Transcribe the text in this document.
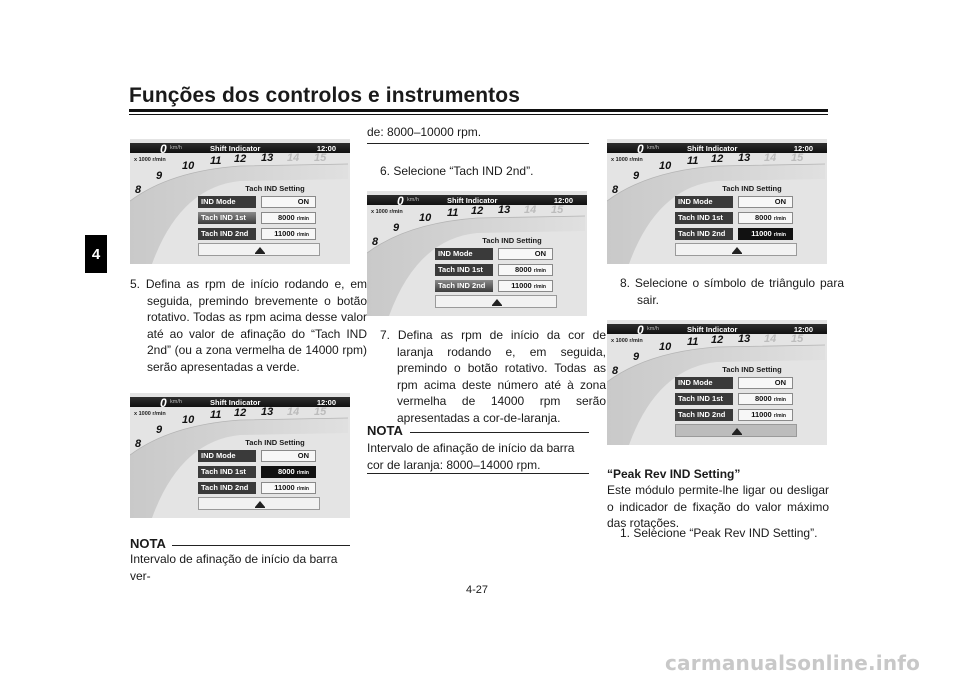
Funções dos controlos e instrumentos
4
0 km/h	Shift Indicator	12:00
x 1000 r/min
8
9
10 11 12 13 14 15
Tach IND Setting
IND Mode	ON
Tach IND 1st	8000 r/min
Tach IND 2nd	11000 r/min
0 km/h	Shift Indicator	12:00
x 1000 r/min
8
9
10 11 12 13 14 15
Tach IND Setting
IND Mode	ON
Tach IND 1st	8000 r/min
Tach IND 2nd	11000 r/min
0 km/h	Shift Indicator	12:00
x 1000 r/min
8
9
10 11 12 13 14 15
Tach IND Setting
IND Mode	ON
Tach IND 1st	8000 r/min
Tach IND 2nd	11000 r/min
0 km/h	Shift Indicator	12:00
x 1000 r/min
8
9
10 11 12 13 14 15
Tach IND Setting
IND Mode	ON
Tach IND 1st	8000 r/min
Tach IND 2nd	11000 r/min
0 km/h	Shift Indicator	12:00
x 1000 r/min
8
9
10 11 12 13 14 15
Tach IND Setting
IND Mode	ON
Tach IND 1st	8000 r/min
Tach IND 2nd	11000 r/min
5. Defina as rpm de início rodando e, em seguida, premindo brevemente o botão rotativo. Todas as rpm acima desse valor até ao valor de afinação do “Tach IND 2nd” (ou a zona vermelha de 14000 rpm) serão apresentadas a verde.
NOTA
Intervalo de afinação de início da barra ver-
de: 8000–10000 rpm.
6. Selecione “Tach IND 2nd”.
7. Defina as rpm de início da cor de laranja rodando e, em seguida, premindo o botão rotativo. Todas as rpm acima deste número até à zona vermelha de 14000 rpm serão apresentadas a cor-de-laranja.
NOTA
Intervalo de afinação de início da barra cor de laranja: 8000–14000 rpm.
8. Selecione o símbolo de triângulo para sair.
“Peak Rev IND Setting”
Este módulo permite-lhe ligar ou desligar o indicador de fixação do valor máximo das rotações.
1. Selecione “Peak Rev IND Setting”.
4-27
carmanualsonline.info
